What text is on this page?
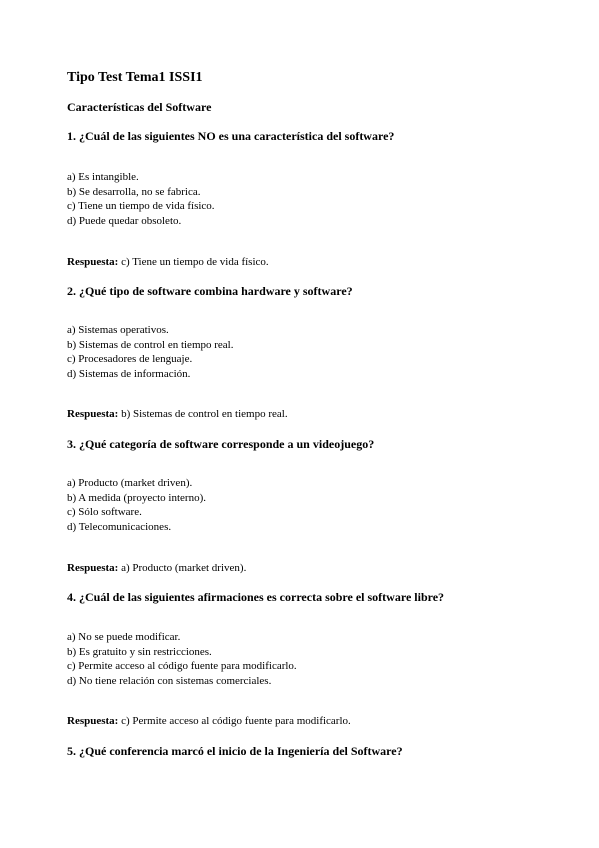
Tipo Test Tema1 ISSI1
Características del Software
1. ¿Cuál de las siguientes NO es una característica del software?
a) Es intangible.
b) Se desarrolla, no se fabrica.
c) Tiene un tiempo de vida físico.
d) Puede quedar obsoleto.
Respuesta: c) Tiene un tiempo de vida físico.
2. ¿Qué tipo de software combina hardware y software?
a) Sistemas operativos.
b) Sistemas de control en tiempo real.
c) Procesadores de lenguaje.
d) Sistemas de información.
Respuesta: b) Sistemas de control en tiempo real.
3. ¿Qué categoría de software corresponde a un videojuego?
a) Producto (market driven).
b) A medida (proyecto interno).
c) Sólo software.
d) Telecomunicaciones.
Respuesta: a) Producto (market driven).
4. ¿Cuál de las siguientes afirmaciones es correcta sobre el software libre?
a) No se puede modificar.
b) Es gratuito y sin restricciones.
c) Permite acceso al código fuente para modificarlo.
d) No tiene relación con sistemas comerciales.
Respuesta: c) Permite acceso al código fuente para modificarlo.
5. ¿Qué conferencia marcó el inicio de la Ingeniería del Software?
